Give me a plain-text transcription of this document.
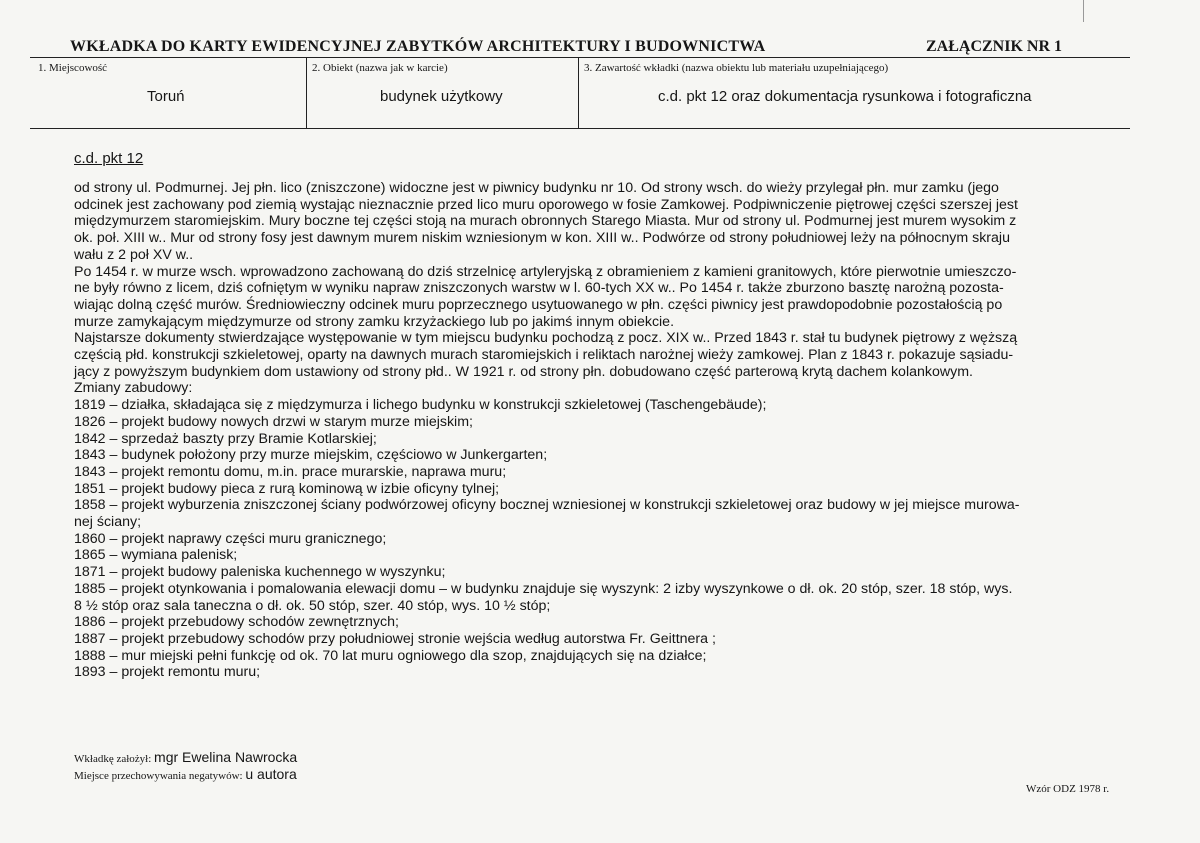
WKŁADKA DO KARTY EWIDENCYJNEJ ZABYTKÓW ARCHITEKTURY I BUDOWNICTWA	ZAŁĄCZNIK NR 1
1. Miejscowość
Toruń
2. Obiekt (nazwa jak w karcie)
budynek użytkowy
3. Zawartość wkładki (nazwa obiektu lub materiału uzupełniającego)
c.d. pkt 12 oraz dokumentacja rysunkowa i fotograficzna
c.d. pkt 12

od strony ul. Podmurnej. Jej płn. lico (zniszczone) widoczne jest w piwnicy budynku nr 10. Od strony wsch. do wieży przylegał płn. mur zamku (jego

odcinek jest zachowany pod ziemią wystając nieznacznie przed lico muru oporowego w fosie Zamkowej. Podpiwniczenie piętrowej części szerszej jest

międzymurzem staromiejskim. Mury boczne tej części stoją na murach obronnych Starego Miasta. Mur od strony ul. Podmurnej jest murem wysokim z

ok. poł. XIII w.. Mur od strony fosy jest dawnym murem niskim wzniesionym w kon. XIII w.. Podwórze od strony południowej leży na północnym skraju

wału z 2 poł XV w..

Po 1454 r. w murze wsch. wprowadzono zachowaną do dziś strzelnicę artyleryjską z obramieniem z kamieni granitowych, które pierwotnie umieszczo-

ne były równo z licem, dziś cofniętym w wyniku napraw zniszczonych warstw w l. 60-tych XX w.. Po 1454 r. także zburzono basztę narożną pozosta-

wiając dolną część murów. Średniowieczny odcinek muru poprzecznego usytuowanego w płn. części piwnicy jest prawdopodobnie pozostałością po

murze zamykającym międzymurze od strony zamku krzyżackiego lub po jakimś innym obiekcie.

Najstarsze dokumenty stwierdzające występowanie w tym miejscu budynku pochodzą z pocz. XIX w.. Przed 1843 r. stał tu budynek piętrowy z węższą

częścią płd. konstrukcji szkieletowej, oparty na dawnych murach staromiejskich i reliktach narożnej wieży zamkowej. Plan z 1843 r. pokazuje sąsiadu-

jący z powyższym budynkiem dom ustawiony od strony płd.. W 1921 r. od strony płn. dobudowano część parterową krytą dachem kolankowym.

Zmiany zabudowy:

1819 – działka, składająca się z międzymurza i lichego budynku w konstrukcji szkieletowej (Taschengebäude);

1826 – projekt budowy nowych drzwi w starym murze miejskim;

1842 – sprzedaż baszty przy Bramie Kotlarskiej;

1843 – budynek położony przy murze miejskim, częściowo w Junkergarten;

1843 – projekt remontu domu, m.in. prace murarskie, naprawa muru;

1851 – projekt budowy pieca z rurą kominową w izbie oficyny tylnej;

1858 – projekt wyburzenia zniszczonej ściany podwórzowej oficyny bocznej wzniesionej w konstrukcji szkieletowej oraz budowy w jej miejsce murowa-

nej ściany;

1860 – projekt naprawy części muru granicznego;

1865 – wymiana palenisk;

1871 – projekt budowy paleniska kuchennego w wyszynku;

1885 – projekt otynkowania i pomalowania elewacji domu – w budynku znajduje się wyszynk: 2 izby wyszynkowe o dł. ok. 20 stóp, szer. 18 stóp, wys.

8 ½ stóp oraz sala taneczna o dł. ok. 50 stóp, szer. 40 stóp, wys. 10 ½ stóp;

1886 – projekt przebudowy schodów zewnętrznych;

1887 – projekt przebudowy schodów przy południowej stronie wejścia według autorstwa Fr. Geittnera ;

1888 – mur miejski pełni funkcję od ok. 70 lat muru ogniowego dla szop, znajdujących się na działce;

1893 – projekt remontu muru;

Wkładkę założył: mgr Ewelina Nawrocka
Miejsce przechowywania negatywów: u autora
Wzór ODZ 1978 r.
